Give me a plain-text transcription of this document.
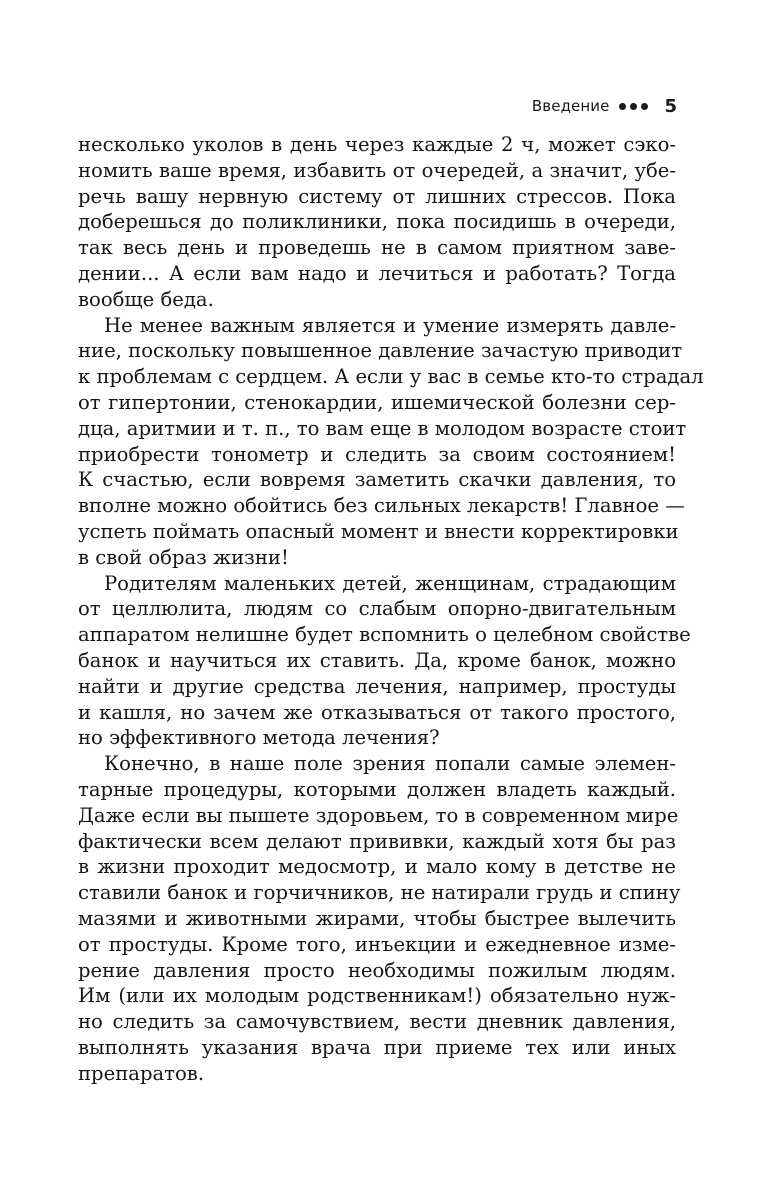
Введение	5
несколько уколов в день через каждые 2 ч, может сэко-
номить ваше время, избавить от очередей, а значит, убе-
речь вашу нервную систему от лишних стрессов. Пока
доберешься до поликлиники, пока посидишь в очереди,
так весь день и проведешь не в самом приятном заве-
дении... А если вам надо и лечиться и работать? Тогда
вообще беда.
Не менее важным является и умение измерять давле-
ние, поскольку повышенное давление зачастую приводит
к проблемам с сердцем. А если у вас в семье кто-то страдал
от гипертонии, стенокардии, ишемической болезни сер-
дца, аритмии и т. п., то вам еще в молодом возрасте стоит
приобрести тонометр и следить за своим состоянием!
К счастью, если вовремя заметить скачки давления, то
вполне можно обойтись без сильных лекарств! Главное —
успеть поймать опасный момент и внести корректировки
в свой образ жизни!
Родителям маленьких детей, женщинам, страдающим
от целлюлита, людям со слабым опорно-двигательным
аппаратом нелишне будет вспомнить о целебном свойстве
банок и научиться их ставить. Да, кроме банок, можно
найти и другие средства лечения, например, простуды
и кашля, но зачем же отказываться от такого простого,
но эффективного метода лечения?
Конечно, в наше поле зрения попали самые элемен-
тарные процедуры, которыми должен владеть каждый.
Даже если вы пышете здоровьем, то в современном мире
фактически всем делают прививки, каждый хотя бы раз
в жизни проходит медосмотр, и мало кому в детстве не
ставили банок и горчичников, не натирали грудь и спину
мазями и животными жирами, чтобы быстрее вылечить
от простуды. Кроме того, инъекции и ежедневное изме-
рение давления просто необходимы пожилым людям.
Им (или их молодым родственникам!) обязательно нуж-
но следить за самочувствием, вести дневник давления,
выполнять указания врача при приеме тех или иных
препаратов.
